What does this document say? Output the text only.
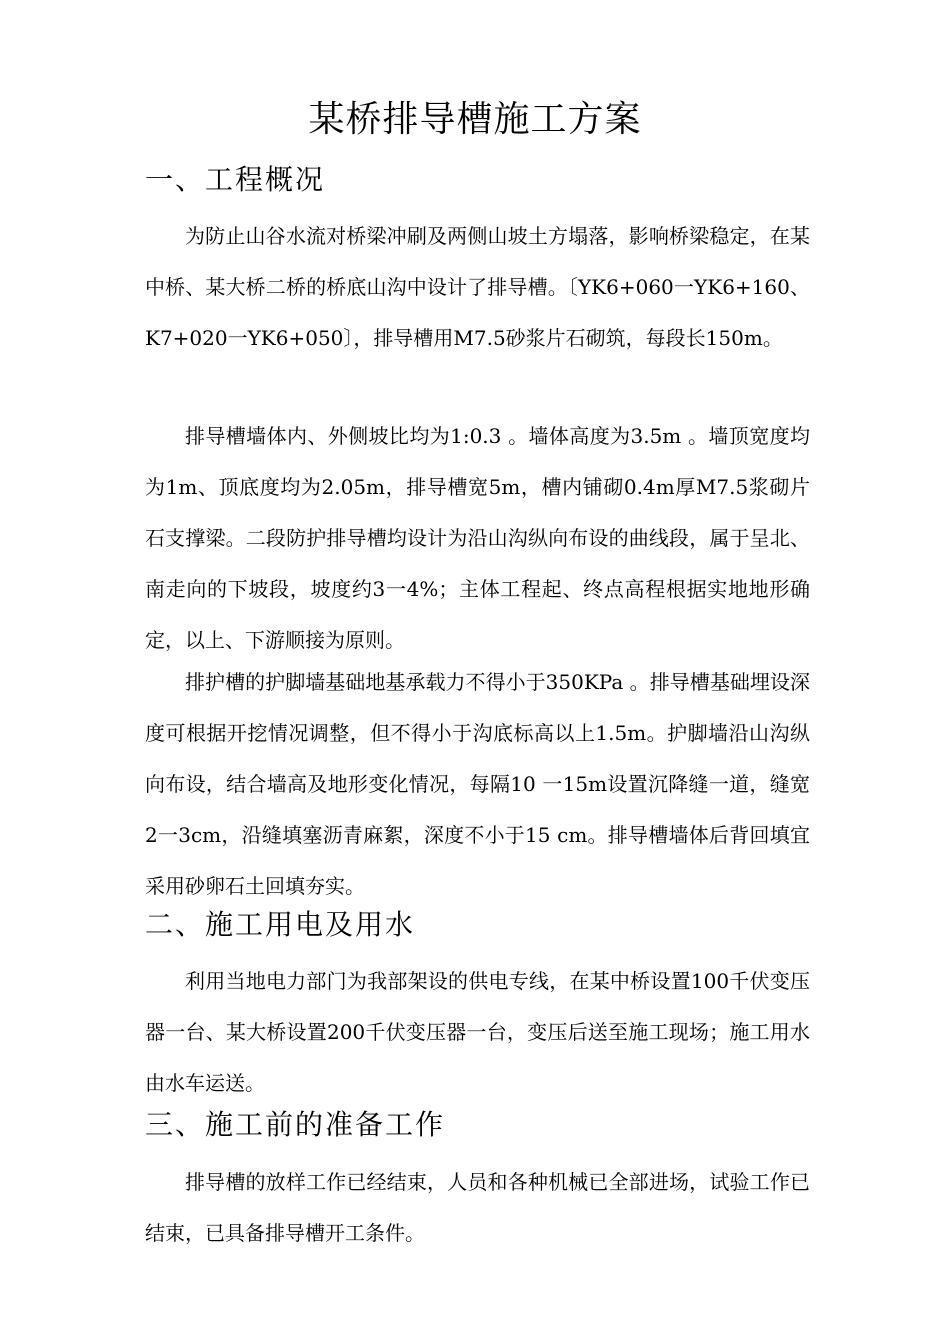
某桥排导槽施工方案
一、工程概况

为防止山谷水流对桥梁冲刷及两侧山坡土方塌落，影响桥梁稳定，在某中桥、某大桥二桥的桥底山沟中设计了排导槽。〔YK6+060一YK6+160、K7+020一YK6+050〕，排导槽用M7.5砂浆片石砌筑，每段长150m。

排导槽墙体内、外侧坡比均为1:0.3 。墙体高度为3.5m 。墙顶宽度均为1m、顶底度均为2.05m，排导槽宽5m，槽内铺砌0.4m厚M7.5浆砌片石支撑梁。二段防护排导槽均设计为沿山沟纵向布设的曲线段，属于呈北、南走向的下坡段，坡度约3一4%；主体工程起、终点高程根据实地地形确定，以上、下游顺接为原则。

排护槽的护脚墙基础地基承载力不得小于350KPa 。排导槽基础埋设深度可根据开挖情况调整，但不得小于沟底标高以上1.5m。护脚墙沿山沟纵向布设，结合墙高及地形变化情况，每隔10 一15m设置沉降缝一道，缝宽2一3cm，沿缝填塞沥青麻絮，深度不小于15 cm。排导槽墙体后背回填宜采用砂卵石土回填夯实。

二、施工用电及用水

利用当地电力部门为我部架设的供电专线，在某中桥设置100千伏变压器一台、某大桥设置200千伏变压器一台，变压后送至施工现场；施工用水由水车运送。

三、施工前的准备工作

排导槽的放样工作已经结束，人员和各种机械已全部进场，试验工作已结束，已具备排导槽开工条件。
